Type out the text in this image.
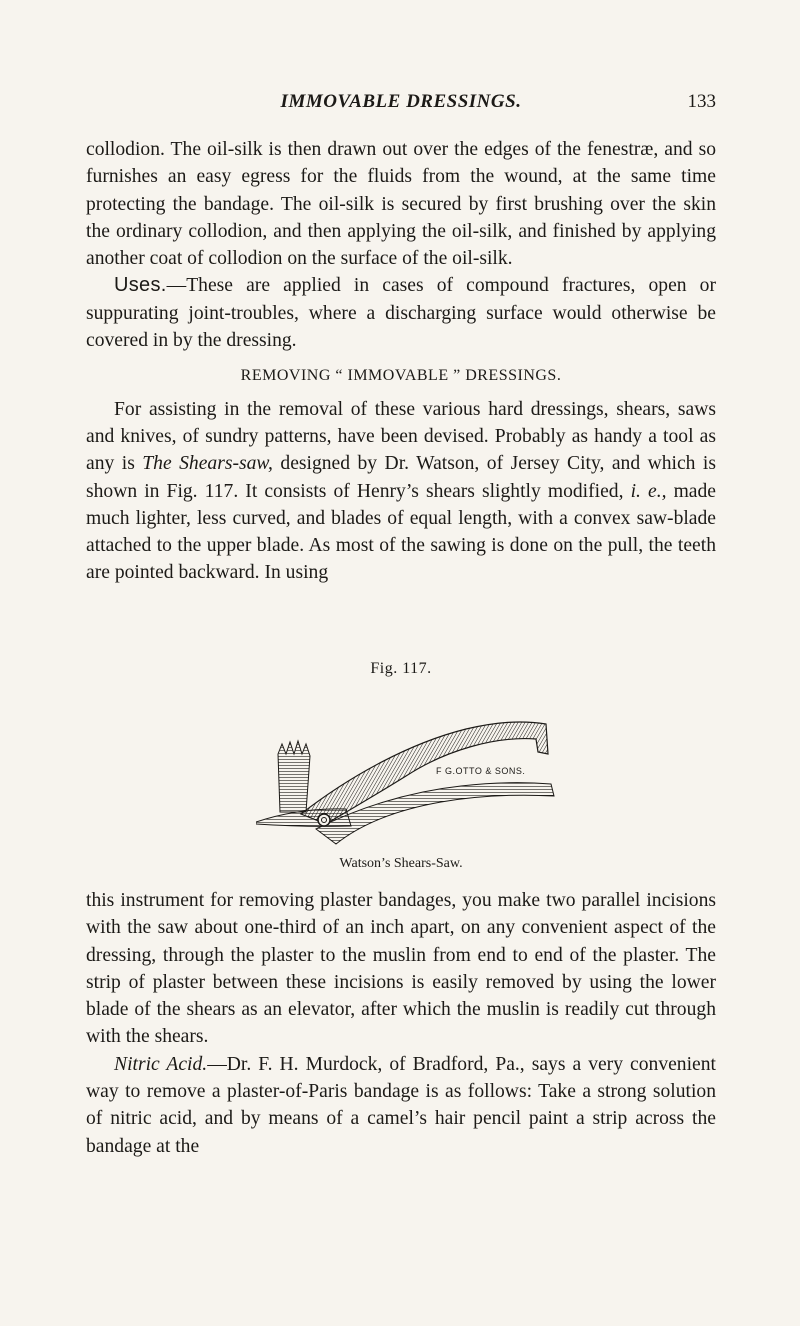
IMMOVABLE DRESSINGS.	133

collodion. The oil-silk is then drawn out over the edges of the fenestræ, and so furnishes an easy egress for the fluids from the wound, at the same time protecting the bandage. The oil-silk is secured by first brushing over the skin the ordinary collodion, and then applying the oil-silk, and finished by applying another coat of collodion on the surface of the oil-silk.

Uses.—These are applied in cases of compound fractures, open or suppurating joint-troubles, where a discharging surface would otherwise be covered in by the dressing.

REMOVING “ IMMOVABLE ” DRESSINGS.

For assisting in the removal of these various hard dressings, shears, saws and knives, of sundry patterns, have been devised. Probably as handy a tool as any is The Shears-saw, designed by Dr. Watson, of Jersey City, and which is shown in Fig. 117. It consists of Henry’s shears slightly modified, i. e., made much lighter, less curved, and blades of equal length, with a convex saw-blade attached to the upper blade. As most of the sawing is done on the pull, the teeth are pointed backward. In using

Fig. 117.
F G.OTTO & SONS.
Watson’s Shears-Saw.

this instrument for removing plaster bandages, you make two parallel incisions with the saw about one-third of an inch apart, on any convenient aspect of the dressing, through the plaster to the muslin from end to end of the plaster. The strip of plaster between these incisions is easily removed by using the lower blade of the shears as an elevator, after which the muslin is readily cut through with the shears.

Nitric Acid.—Dr. F. H. Murdock, of Bradford, Pa., says a very convenient way to remove a plaster-of-Paris bandage is as follows: Take a strong solution of nitric acid, and by means of a camel’s hair pencil paint a strip across the bandage at the
